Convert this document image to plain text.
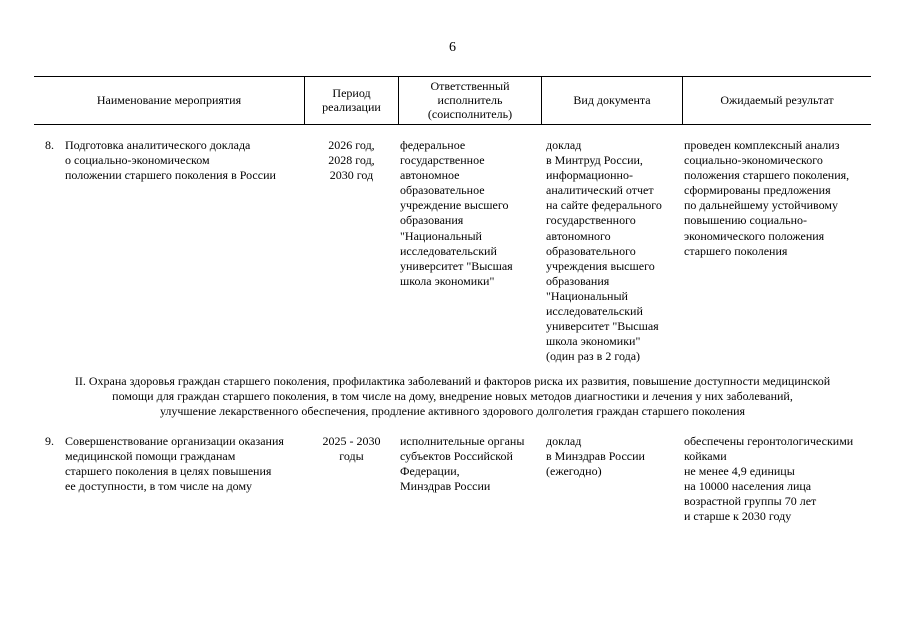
6
Наименование мероприятия	Период
реализации
Ответственный
исполнитель
(соисполнитель)
Вид документа	Ожидаемый результат
8. Подготовка аналитического доклада
о социально-экономическом
положении старшего поколения в России
2026 год,
2028 год,
2030 год
федеральное
государственное
автономное
образовательное
учреждение высшего
образования
"Национальный
исследовательский
университет "Высшая
школа экономики"
доклад
в Минтруд России,
информационно-
аналитический отчет
на сайте федерального
государственного
автономного
образовательного
учреждения высшего
образования
"Национальный
исследовательский
университет "Высшая
школа экономики"
(один раз в 2 года)
проведен комплексный анализ
социально-экономического
положения старшего поколения,
сформированы предложения
по дальнейшему устойчивому
повышению социально-
экономического положения
старшего поколения
II. Охрана здоровья граждан старшего поколения, профилактика заболеваний и факторов риска их развития, повышение доступности медицинской
помощи для граждан старшего поколения, в том числе на дому, внедрение новых методов диагностики и лечения у них заболеваний,
улучшение лекарственного обеспечения, продление активного здорового долголетия граждан старшего поколения
9. Совершенствование организации оказания
медицинской помощи гражданам
старшего поколения в целях повышения
ее доступности, в том числе на дому
2025 - 2030
годы
исполнительные органы
субъектов Российской
Федерации,
Минздрав России
доклад
в Минздрав России
(ежегодно)
обеспечены геронтологическими
койками
не менее 4,9 единицы
на 10000 населения лица
возрастной группы 70 лет
и старше к 2030 году
